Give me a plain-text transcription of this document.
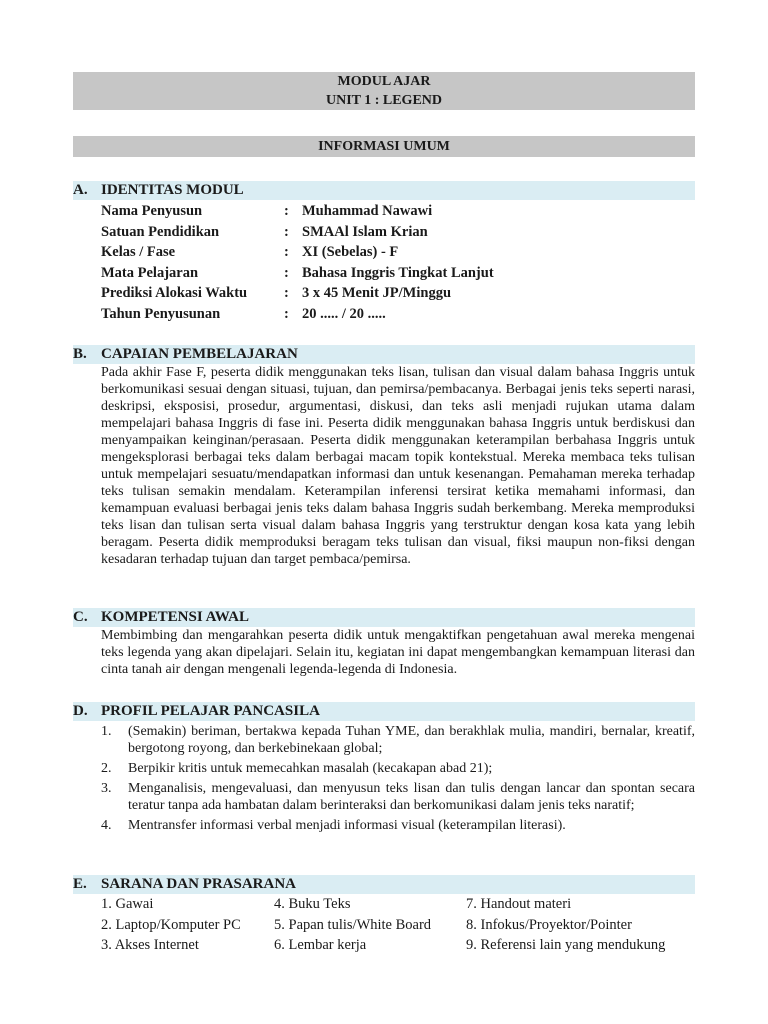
MODUL AJAR
UNIT 1 : LEGEND
INFORMASI UMUM
A. IDENTITAS MODUL
Nama Penyusun	: Muhammad Nawawi
Satuan Pendidikan	: SMAAl Islam Krian
Kelas / Fase	: XI (Sebelas) - F
Mata Pelajaran	: Bahasa Inggris Tingkat Lanjut
Prediksi Alokasi Waktu	: 3 x 45 Menit JP/Minggu
Tahun Penyusunan	: 20 ..... / 20 .....
B. CAPAIAN PEMBELAJARAN
Pada akhir Fase F, peserta didik menggunakan teks lisan, tulisan dan visual dalam bahasa Inggris untuk berkomunikasi sesuai dengan situasi, tujuan, dan pemirsa/pembacanya. Berbagai jenis teks seperti narasi, deskripsi, eksposisi, prosedur, argumentasi, diskusi, dan teks asli menjadi rujukan utama dalam mempelajari bahasa Inggris di fase ini. Peserta didik menggunakan bahasa Inggris untuk berdiskusi dan menyampaikan keinginan/perasaan. Peserta didik menggunakan keterampilan berbahasa Inggris untuk mengeksplorasi berbagai teks dalam berbagai macam topik kontekstual. Mereka membaca teks tulisan untuk mempelajari sesuatu/mendapatkan informasi dan untuk kesenangan. Pemahaman mereka terhadap teks tulisan semakin mendalam. Keterampilan inferensi tersirat ketika memahami informasi, dan kemampuan evaluasi berbagai jenis teks dalam bahasa Inggris sudah berkembang. Mereka memproduksi teks lisan dan tulisan serta visual dalam bahasa Inggris yang terstruktur dengan kosa kata yang lebih beragam. Peserta didik memproduksi beragam teks tulisan dan visual, fiksi maupun non-fiksi dengan kesadaran terhadap tujuan dan target pembaca/pemirsa.
C. KOMPETENSI AWAL
Membimbing dan mengarahkan peserta didik untuk mengaktifkan pengetahuan awal mereka mengenai teks legenda yang akan dipelajari. Selain itu, kegiatan ini dapat mengembangkan kemampuan literasi dan cinta tanah air dengan mengenali legenda-legenda di Indonesia.
D. PROFIL PELAJAR PANCASILA
1.	(Semakin) beriman, bertakwa kepada Tuhan YME, dan berakhlak mulia, mandiri, bernalar, kreatif, bergotong royong, dan berkebinekaan global;
2.	Berpikir kritis untuk memecahkan masalah (kecakapan abad 21);
3.	Menganalisis, mengevaluasi, dan menyusun teks lisan dan tulis dengan lancar dan spontan secara teratur tanpa ada hambatan dalam berinteraksi dan berkomunikasi dalam jenis teks naratif;
4.	Mentransfer informasi verbal menjadi informasi visual (keterampilan literasi).
E. SARANA DAN PRASARANA
1. Gawai	4. Buku Teks	7. Handout materi
2. Laptop/Komputer PC	5. Papan tulis/White Board	8. Infokus/Proyektor/Pointer
3. Akses Internet	6. Lembar kerja	9. Referensi lain yang mendukung
